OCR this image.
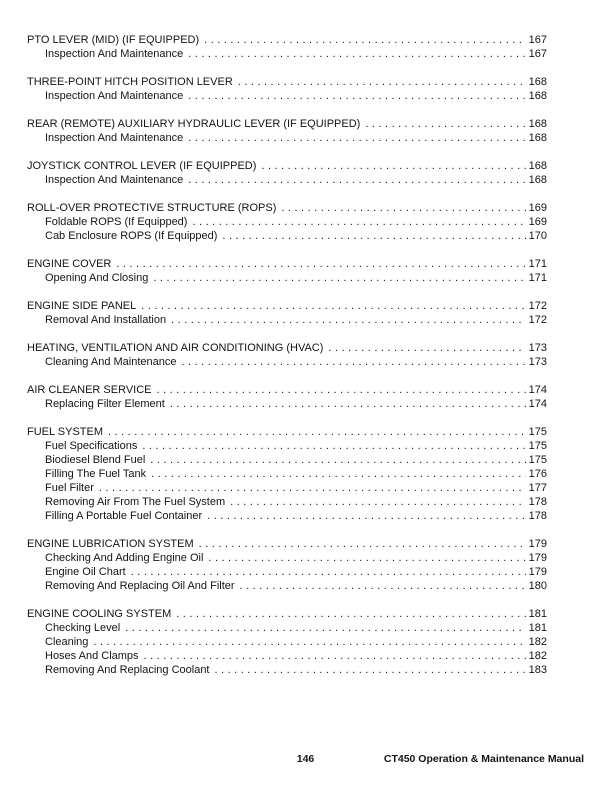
PTO LEVER (MID) (IF EQUIPPED) .....	167
Inspection And Maintenance .....	167
THREE-POINT HITCH POSITION LEVER .....	168
Inspection And Maintenance .....	168
REAR (REMOTE) AUXILIARY HYDRAULIC LEVER (IF EQUIPPED) .....	168
Inspection And Maintenance .....	168
JOYSTICK CONTROL LEVER (IF EQUIPPED) .....	168
Inspection And Maintenance .....	168
ROLL-OVER PROTECTIVE STRUCTURE (ROPS) .....	169
Foldable ROPS (If Equipped) .....	169
Cab Enclosure ROPS (If Equipped) .....	170
ENGINE COVER .....	171
Opening And Closing .....	171
ENGINE SIDE PANEL .....	172
Removal And Installation .....	172
HEATING, VENTILATION AND AIR CONDITIONING (HVAC) .....	173
Cleaning And Maintenance .....	173
AIR CLEANER SERVICE .....	174
Replacing Filter Element .....	174
FUEL SYSTEM .....	175
Fuel Specifications .....	175
Biodiesel Blend Fuel .....	175
Filling The Fuel Tank .....	176
Fuel Filter .....	177
Removing Air From The Fuel System .....	178
Filling A Portable Fuel Container .....	178
ENGINE LUBRICATION SYSTEM .....	179
Checking And Adding Engine Oil .....	179
Engine Oil Chart .....	179
Removing And Replacing Oil And Filter .....	180
ENGINE COOLING SYSTEM .....	181
Checking Level .....	181
Cleaning .....	182
Hoses And Clamps .....	182
Removing And Replacing Coolant .....	183
146	CT450 Operation & Maintenance Manual
